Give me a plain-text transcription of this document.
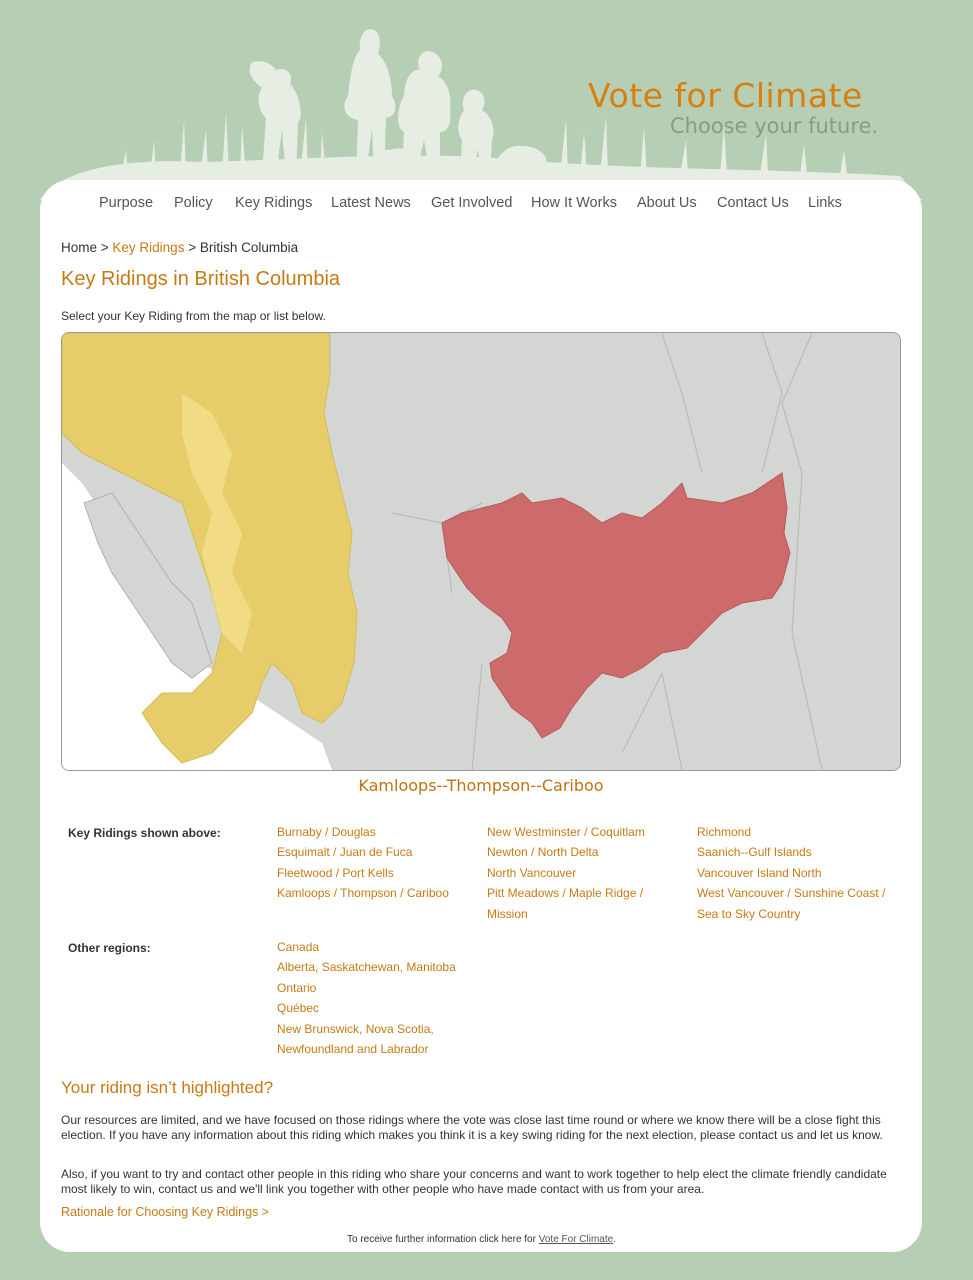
Vote for Climate
Choose your future.
Purpose Policy Key Ridings Latest News Get Involved How It Works About Us Contact Us Links
Home > Key Ridings > British Columbia
Key Ridings in British Columbia
Select your Key Riding from the map or list below.
Kamloops--Thompson--Cariboo
Key Ridings shown above:	Burnaby / Douglas
Esquimalt / Juan de Fuca
Fleetwood / Port Kells
Kamloops / Thompson / Cariboo
New Westminster / Coquitlam
Newton / North Delta
North Vancouver
Pitt Meadows / Maple Ridge /
Mission
Richmond
Saanich--Gulf Islands
Vancouver Island North
West Vancouver / Sunshine Coast /
Sea to Sky Country
Other regions:	Canada
Alberta, Saskatchewan, Manitoba
Ontario
Québec
New Brunswick, Nova Scotia,
Newfoundland and Labrador
Your riding isn’t highlighted?

Our resources are limited, and we have focused on those ridings where the vote was close last time round or where we know there will be a close fight this election. If you have any information about this riding which makes you think it is a key swing riding for the next election, please contact us and let us know.

Also, if you want to try and contact other people in this riding who share your concerns and want to work together to help elect the climate friendly candidate most likely to win, contact us and we'll link you together with other people who have made contact with us from your area.

Rationale for Choosing Key Ridings >
To receive further information click here for Vote For Climate.
